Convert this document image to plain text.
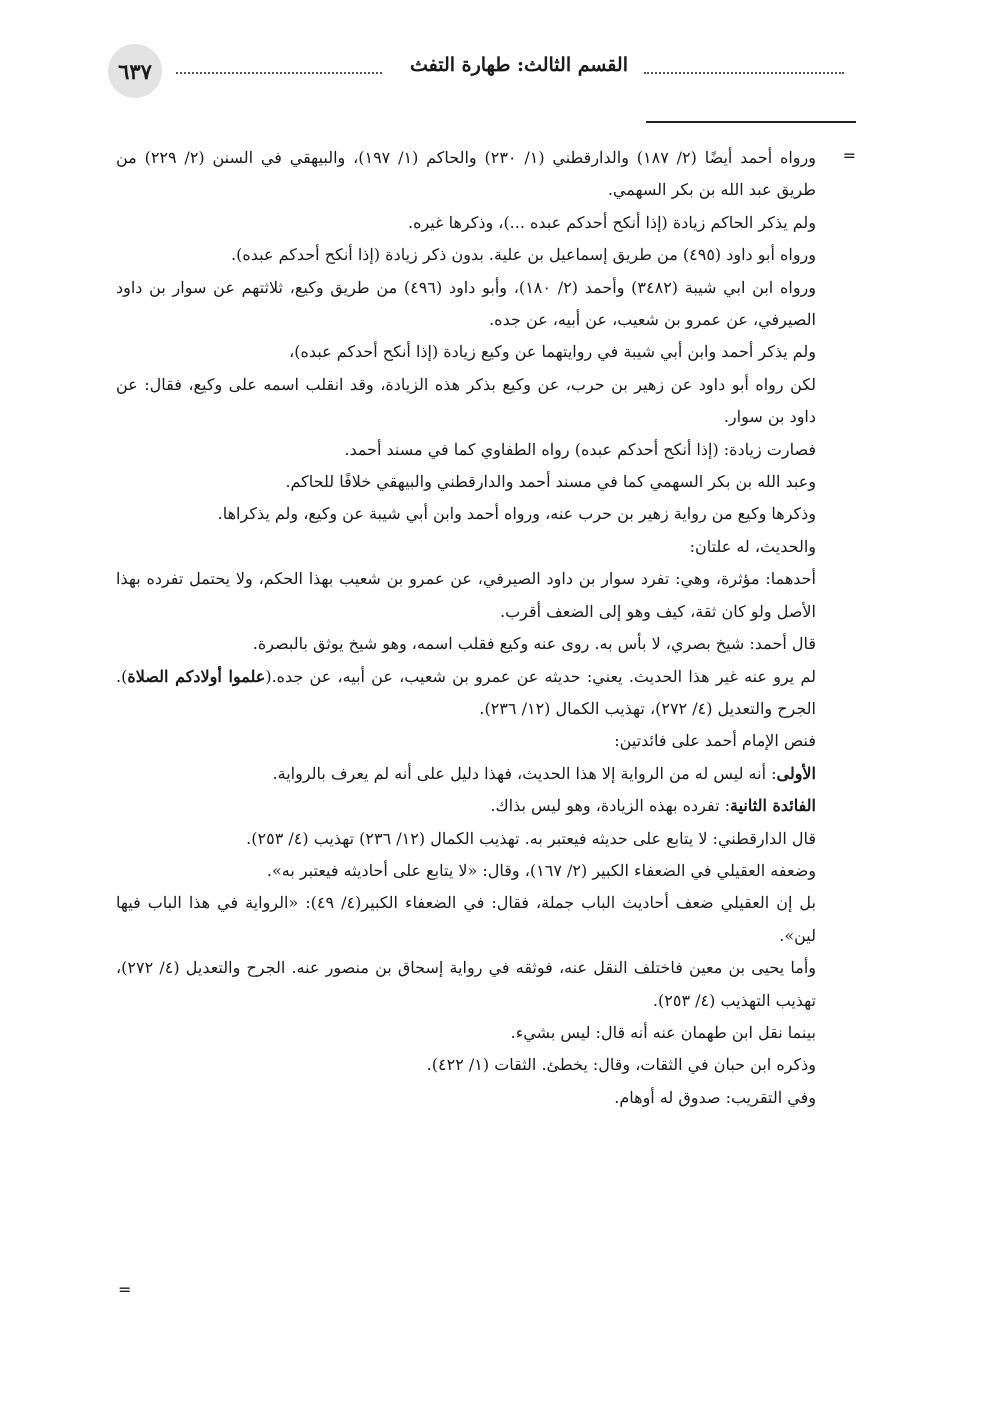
القسم الثالث: طهارة التفث
٦٣٧
=

ورواه أحمد أيضًا (٢/ ١٨٧) والدارقطني (١/ ٢٣٠) والحاكم (١/ ١٩٧)، والبيهقي في السنن (٢/ ٢٢٩) من طريق عبد الله بن بكر السهمي.

ولم يذكر الحاكم زيادة (إذا أنكح أحدكم عبده ...)، وذكرها غيره.

ورواه أبو داود (٤٩٥) من طريق إسماعيل بن علية. بدون ذكر زيادة (إذا أنكح أحدكم عبده).

ورواه ابن ابي شيبة (٣٤٨٢) وأحمد (٢/ ١٨٠)، وأبو داود (٤٩٦) من طريق وكيع، ثلاثتهم عن سوار بن داود الصيرفي، عن عمرو بن شعيب، عن أبيه، عن جده.

ولم يذكر أحمد وابن أبي شيبة في روايتهما عن وكيع زيادة (إذا أنكح أحدكم عبده)،

لكن رواه أبو داود عن زهير بن حرب، عن وكيع بذكر هذه الزيادة، وقد انقلب اسمه على وكيع، فقال: عن داود بن سوار.

فصارت زيادة: (إذا أنكح أحدكم عبده) رواه الطفاوي كما في مسند أحمد.

وعبد الله بن بكر السهمي كما في مسند أحمد والدارقطني والبيهقي خلافًا للحاكم.

وذكرها وكيع من رواية زهير بن حرب عنه، ورواه أحمد وابن أبي شيبة عن وكيع، ولم يذكراها.

والحديث، له علتان:

أحدهما: مؤثرة، وهي: تفرد سوار بن داود الصيرفي، عن عمرو بن شعيب بهذا الحكم، ولا يحتمل تفرده بهذا الأصل ولو كان ثقة، كيف وهو إلى الضعف أقرب.

قال أحمد: شيخ بصري، لا بأس به. روى عنه وكيع فقلب اسمه، وهو شيخ يوثق بالبصرة.

لم يرو عنه غير هذا الحديث. يعني: حديثه عن عمرو بن شعيب، عن أبيه، عن جده.(علموا أولادكم الصلاة). الجرح والتعديل (٤/ ٢٧٢)، تهذيب الكمال (١٢/ ٢٣٦).

فنص الإمام أحمد على فائدتين:

الأولى: أنه ليس له من الرواية إلا هذا الحديث، فهذا دليل على أنه لم يعرف بالرواية.

الفائدة الثانية: تفرده بهذه الزيادة، وهو ليس بذاك.

قال الدارقطني: لا يتابع على حديثه فيعتبر به. تهذيب الكمال (١٢/ ٢٣٦) تهذيب (٤/ ٢٥٣).

وضعفه العقيلي في الضعفاء الكبير (٢/ ١٦٧)، وقال: «لا يتابع على أحاديثه فيعتبر به».

بل إن العقيلي ضعف أحاديث الباب جملة، فقال: في الضعفاء الكبير(٤/ ٤٩): «الرواية في هذا الباب فيها لين».

وأما يحيى بن معين فاختلف النقل عنه، فوثقه في رواية إسحاق بن منصور عنه. الجرح والتعديل (٤/ ٢٧٢)، تهذيب التهذيب (٤/ ٢٥٣).

بينما نقل ابن طهمان عنه أنه قال: ليس بشيء.

وذكره ابن حبان في الثقات، وقال: يخطئ. الثقات (١/ ٤٢٢).

وفي التقريب: صدوق له أوهام.

=
